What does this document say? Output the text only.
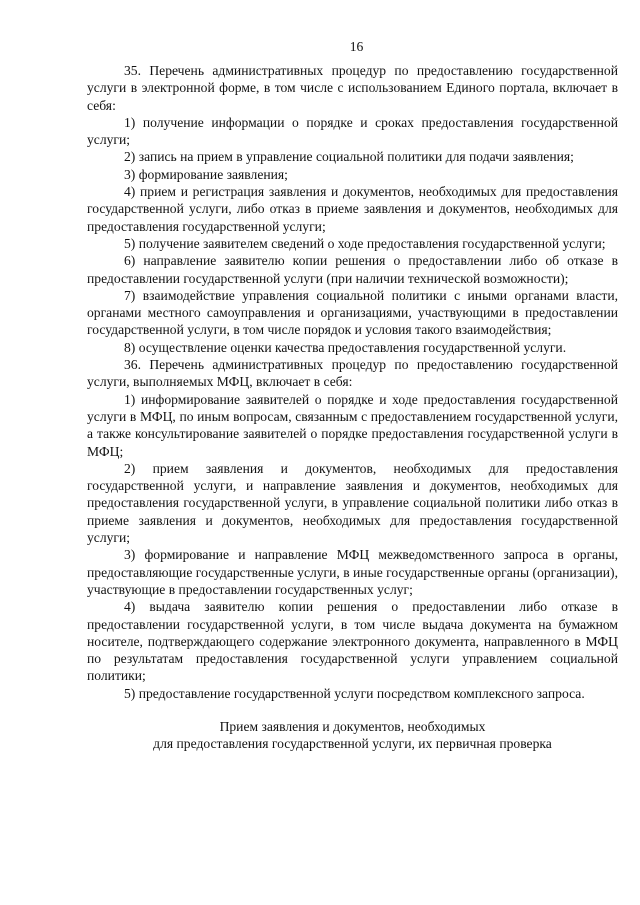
16

35. Перечень административных процедур по предоставлению государственной услуги в электронной форме, в том числе с использованием Единого портала, включает в себя:

1) получение информации о порядке и сроках предоставления государственной услуги;

2) запись на прием в управление социальной политики для подачи заявления;

3) формирование заявления;

4) прием и регистрация заявления и документов, необходимых для предоставления государственной услуги, либо отказ в приеме заявления и документов, необходимых для предоставления государственной услуги;

5) получение заявителем сведений о ходе предоставления государственной услуги;

6) направление заявителю копии решения о предоставлении либо об отказе в предоставлении государственной услуги (при наличии технической возможности);

7) взаимодействие управления социальной политики с иными органами власти, органами местного самоуправления и организациями, участвующими в предоставлении государственной услуги, в том числе порядок и условия такого взаимодействия;

8) осуществление оценки качества предоставления государственной услуги.

36. Перечень административных процедур по предоставлению государственной услуги, выполняемых МФЦ, включает в себя:

1) информирование заявителей о порядке и ходе предоставления государственной услуги в МФЦ, по иным вопросам, связанным с предоставлением государственной услуги, а также консультирование заявителей о порядке предоставления государственной услуги в МФЦ;

2) прием заявления и документов, необходимых для предоставления государственной услуги, и направление заявления и документов, необходимых для предоставления государственной услуги, в управление социальной политики либо отказ в приеме заявления и документов, необходимых для предоставления государственной услуги;

3) формирование и направление МФЦ межведомственного запроса в органы, предоставляющие государственные услуги, в иные государственные органы (организации), участвующие в предоставлении государственных услуг;

4) выдача заявителю копии решения о предоставлении либо отказе в предоставлении государственной услуги, в том числе выдача документа на бумажном носителе, подтверждающего содержание электронного документа, направленного в МФЦ по результатам предоставления государственной услуги управлением социальной политики;

5) предоставление государственной услуги посредством комплексного запроса.

Прием заявления и документов, необходимых
для предоставления государственной услуги, их первичная проверка
